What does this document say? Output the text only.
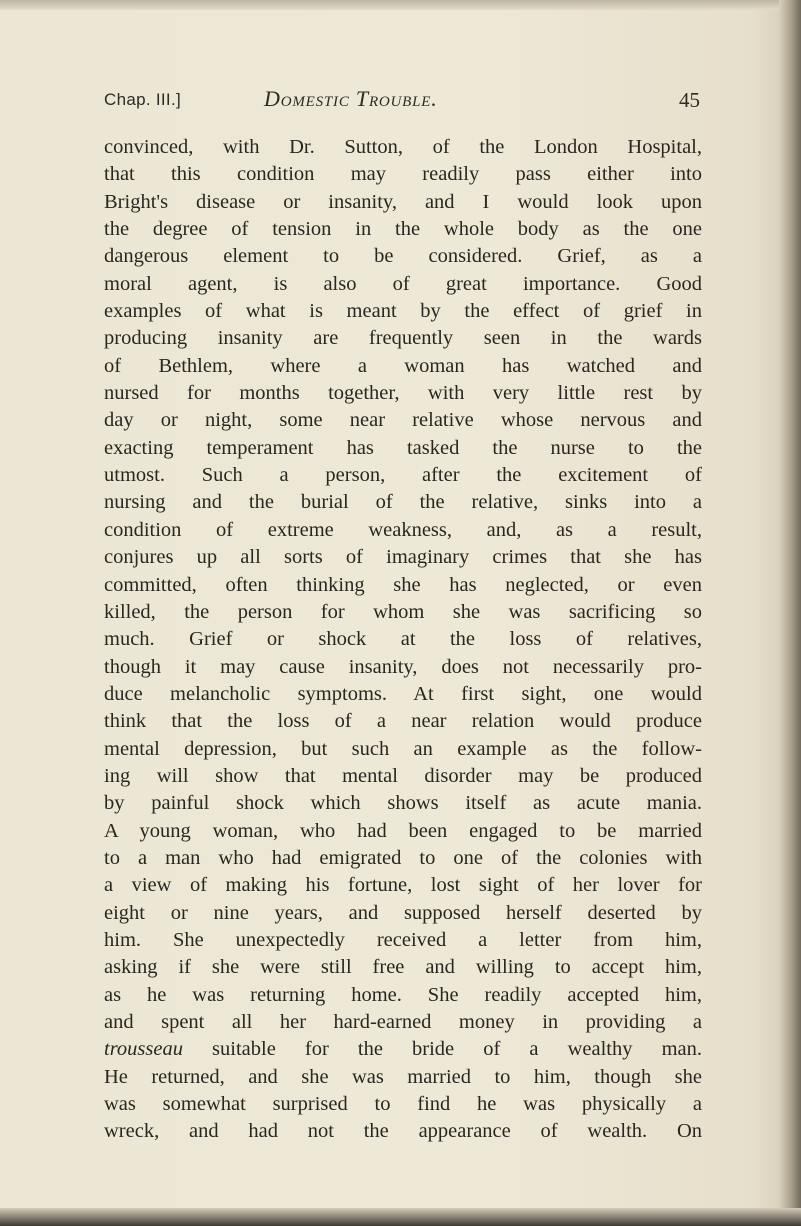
Chap. III.]	Domestic Trouble.	45
convinced, with Dr. Sutton, of the London Hospital,
that this condition may readily pass either into
Bright's disease or insanity, and I would look upon
the degree of tension in the whole body as the one
dangerous element to be considered. Grief, as a
moral agent, is also of great importance. Good
examples of what is meant by the effect of grief in
producing insanity are frequently seen in the wards
of Bethlem, where a woman has watched and
nursed for months together, with very little rest by
day or night, some near relative whose nervous and
exacting temperament has tasked the nurse to the
utmost. Such a person, after the excitement of
nursing and the burial of the relative, sinks into a
condition of extreme weakness, and, as a result,
conjures up all sorts of imaginary crimes that she has
committed, often thinking she has neglected, or even
killed, the person for whom she was sacrificing so
much. Grief or shock at the loss of relatives,
though it may cause insanity, does not necessarily pro-
duce melancholic symptoms. At first sight, one would
think that the loss of a near relation would produce
mental depression, but such an example as the follow-
ing will show that mental disorder may be produced
by painful shock which shows itself as acute mania.
A young woman, who had been engaged to be married
to a man who had emigrated to one of the colonies with
a view of making his fortune, lost sight of her lover for
eight or nine years, and supposed herself deserted by
him. She unexpectedly received a letter from him,
asking if she were still free and willing to accept him,
as he was returning home. She readily accepted him,
and spent all her hard-earned money in providing a
trousseau suitable for the bride of a wealthy man.
He returned, and she was married to him, though she
was somewhat surprised to find he was physically a
wreck, and had not the appearance of wealth. On
